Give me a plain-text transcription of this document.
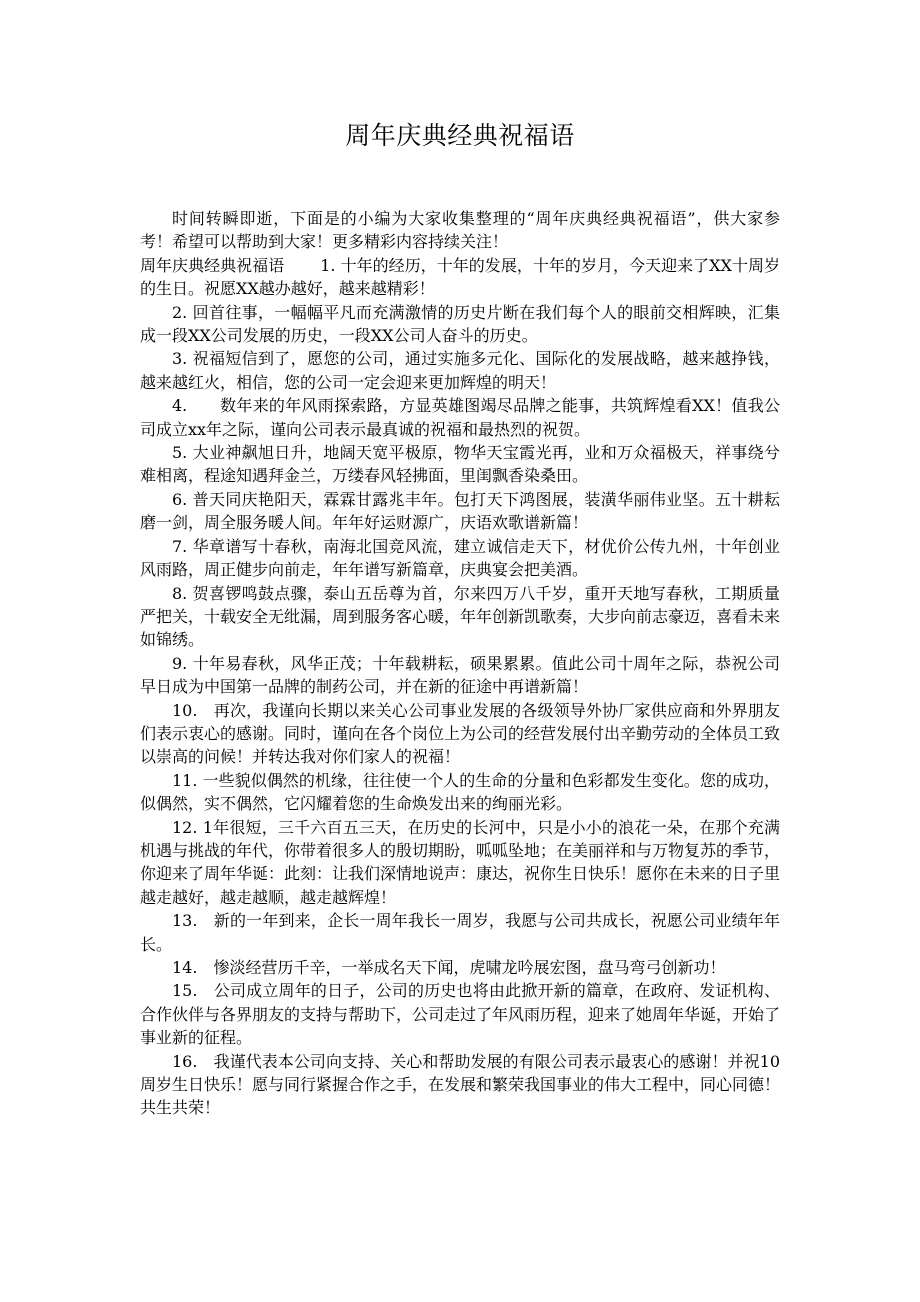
周年庆典经典祝福语

时间转瞬即逝，下面是的小编为大家收集整理的“周年庆典经典祝福语”，供大家参考！希望可以帮助到大家！更多精彩内容持续关注！

周年庆典经典祝福语 1. 十年的经历，十年的发展，十年的岁月，今天迎来了XX十周岁的生日。祝愿XX越办越好，越来越精彩！

2. 回首往事，一幅幅平凡而充满激情的历史片断在我们每个人的眼前交相辉映，汇集成一段XX公司发展的历史，一段XX公司人奋斗的历史。

3. 祝福短信到了，愿您的公司，通过实施多元化、国际化的发展战略，越来越挣钱，越来越红火，相信，您的公司一定会迎来更加辉煌的明天！

4.　　数年来的年风雨探索路，方显英雄图竭尽品牌之能事，共筑辉煌看XX！值我公司成立xx年之际，谨向公司表示最真诚的祝福和最热烈的祝贺。

5. 大业神飙旭日升，地阔天宽平极原，物华天宝霞光再，业和万众福极天，祥事绕兮难相离，程途知遇拜金兰，万缕春风轻拂面，里闺飘香染桑田。

6. 普天同庆艳阳天，霖霖甘露兆丰年。包打天下鸿图展，装潢华丽伟业坚。五十耕耘磨一剑，周全服务暖人间。年年好运财源广，庆语欢歌谱新篇！

7. 华章谱写十春秋，南海北国竞风流，建立诚信走天下，材优价公传九州，十年创业风雨路，周正健步向前走，年年谱写新篇章，庆典宴会把美酒。

8. 贺喜锣鸣鼓点骤，泰山五岳尊为首，尔来四万八千岁，重开天地写春秋，工期质量严把关，十载安全无纰漏，周到服务客心暖，年年创新凯歌奏，大步向前志豪迈，喜看未来如锦绣。

9. 十年易春秋，风华正茂；十年载耕耘，硕果累累。值此公司十周年之际，恭祝公司早日成为中国第一品牌的制药公司，并在新的征途中再谱新篇！

10.　再次，我谨向长期以来关心公司事业发展的各级领导外协厂家供应商和外界朋友们表示衷心的感谢。同时，谨向在各个岗位上为公司的经营发展付出辛勤劳动的全体员工致以崇高的问候！并转达我对你们家人的祝福！

11. 一些貌似偶然的机缘，往往使一个人的生命的分量和色彩都发生变化。您的成功，似偶然，实不偶然，它闪耀着您的生命焕发出来的绚丽光彩。

12. 1年很短，三千六百五三天，在历史的长河中，只是小小的浪花一朵，在那个充满机遇与挑战的年代，你带着很多人的殷切期盼，呱呱坠地；在美丽祥和与万物复苏的季节，你迎来了周年华诞：此刻：让我们深情地说声：康达，祝你生日快乐！愿你在未来的日子里越走越好，越走越顺，越走越辉煌！

13.　新的一年到来，企长一周年我长一周岁，我愿与公司共成长，祝愿公司业绩年年长。

14.　惨淡经营历千辛，一举成名天下闻，虎啸龙吟展宏图，盘马弯弓创新功！

15.　公司成立周年的日子，公司的历史也将由此掀开新的篇章，在政府、发证机构、合作伙伴与各界朋友的支持与帮助下，公司走过了年风雨历程，迎来了她周年华诞，开始了事业新的征程。

16.　我谨代表本公司向支持、关心和帮助发展的有限公司表示最衷心的感谢！并祝10周岁生日快乐！愿与同行紧握合作之手，在发展和繁荣我国事业的伟大工程中，同心同德！共生共荣！
